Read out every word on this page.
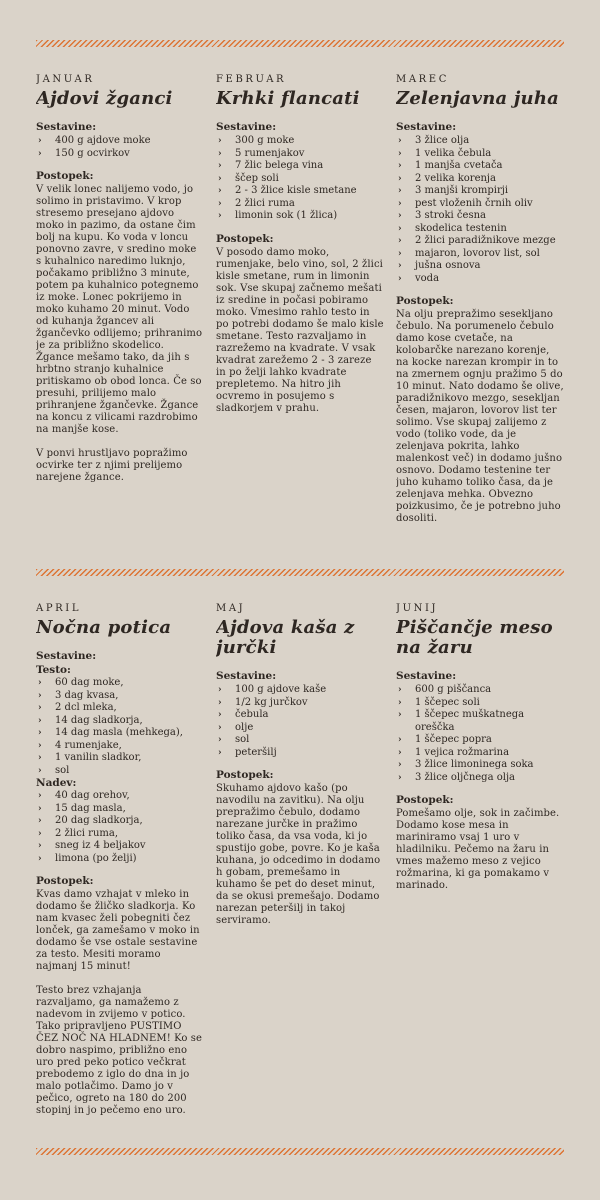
JANUAR
Ajdovi žganci
Sestavine:
›	400 g ajdove moke
›	150 g ocvirkov
Postopek:

V velik lonec nalijemo vodo, jo solimo in pristavimo. V krop stresemo presejano ajdovo moko in pazimo, da ostane čim bolj na kupu. Ko voda v loncu ponovno zavre, v sredino moke s kuhalnico naredimo luknjo, počakamo približno 3 minute, potem pa kuhalnico potegnemo iz moke. Lonec pokrijemo in moko kuhamo 20 minut. Vodo od kuhanja žgancev ali žgančevko odlijemo; prihranimo je za približno skodelico. Žgance mešamo tako, da jih s hrbtno stranjo kuhalnice pritiskamo ob obod lonca. Če so presuhi, prilijemo malo prihranjene žgančevke. Žgance na koncu z vilicami razdrobimo na manjše kose.

V ponvi hrustljavo popražimo ocvirke ter z njimi prelijemo narejene žgance.

FEBRUAR
Krhki flancati
Sestavine:
›	300 g moke
›	5 rumenjakov
›	7 žlic belega vina
›	ščep soli
›	2 - 3 žlice kisle smetane
›	2 žlici ruma
›	limonin sok (1 žlica)
Postopek:

V posodo damo moko, rumenjake, belo vino, sol, 2 žlici kisle smetane, rum in limonin sok. Vse skupaj začnemo mešati iz sredine in počasi pobiramo moko. Vmesimo rahlo testo in po potrebi dodamo še malo kisle smetane. Testo razvaljamo in razrežemo na kvadrate. V vsak kvadrat zarežemo 2 - 3 zareze in po želji lahko kvadrate prepletemo. Na hitro jih ocvremo in posujemo s sladkorjem v prahu.

MAREC
Zelenjavna juha
Sestavine:
›	3 žlice olja
›	1 velika čebula
›	1 manjša cvetača
›	2 velika korenja
›	3 manjši krompirji
›	pest vloženih črnih oliv
›	3 stroki česna
›	skodelica testenin
›	2 žlici paradižnikove mezge
›	majaron, lovorov list, sol
›	jušna osnova
›	voda
Postopek:

Na olju prepražimo sesekljano čebulo. Na porumenelo čebulo damo kose cvetače, na kolobarčke narezano korenje, na kocke narezan krompir in to na zmernem ognju pražimo 5 do 10 minut. Nato dodamo še olive, paradižnikovo mezgo, sesekljan česen, majaron, lovorov list ter solimo. Vse skupaj zalijemo z vodo (toliko vode, da je zelenjava pokrita, lahko malenkost več) in dodamo jušno osnovo. Dodamo testenine ter juho kuhamo toliko časa, da je zelenjava mehka. Obvezno poizkusimo, če je potrebno juho dosoliti.

APRIL
Nočna potica
Sestavine:
Testo:
›	60 dag moke,
›	3 dag kvasa,
›	2 dcl mleka,
›	14 dag sladkorja,
›	14 dag masla (mehkega),
›	4 rumenjake,
›	1 vanilin sladkor,
›	sol
Nadev:
›	40 dag orehov,
›	15 dag masla,
›	20 dag sladkorja,
›	2 žlici ruma,
›	sneg iz 4 beljakov
›	limona (po želji)
Postopek:

Kvas damo vzhajat v mleko in dodamo še žličko sladkorja. Ko nam kvasec želi pobegniti čez lonček, ga zamešamo v moko in dodamo še vse ostale sestavine za testo. Mesiti moramo najmanj 15 minut!

Testo brez vzhajanja razvaljamo, ga namažemo z nadevom in zvijemo v potico. Tako pripravljeno PUSTIMO ČEZ NOČ NA HLADNEM! Ko se dobro naspimo, približno eno uro pred peko potico večkrat prebodemo z iglo do dna in jo malo potlačimo. Damo jo v pečico, ogreto na 180 do 200 stopinj in jo pečemo eno uro.

MAJ
Ajdova kaša z jurčki
Sestavine:
›	100 g ajdove kaše
›	1/2 kg jurčkov
›	čebula
›	olje
›	sol
›	peteršilj
Postopek:

Skuhamo ajdovo kašo (po navodilu na zavitku). Na olju prepražimo čebulo, dodamo narezane jurčke in pražimo toliko časa, da vsa voda, ki jo spustijo gobe, povre. Ko je kaša kuhana, jo odcedimo in dodamo h gobam, premešamo in kuhamo še pet do deset minut, da se okusi premešajo. Dodamo narezan peteršilj in takoj serviramo.

JUNIJ
Piščančje meso na žaru
Sestavine:
›	600 g piščanca
›	1 ščepec soli
›	1 ščepec muškatnega oreščka
›	1 ščepec popra
›	1 vejica rožmarina
›	3 žlice limoninega soka
›	3 žlice oljčnega olja
Postopek:

Pomešamo olje, sok in začimbe. Dodamo kose mesa in mariniramo vsaj 1 uro v hladilniku. Pečemo na žaru in vmes mažemo meso z vejico rožmarina, ki ga pomakamo v marinado.
